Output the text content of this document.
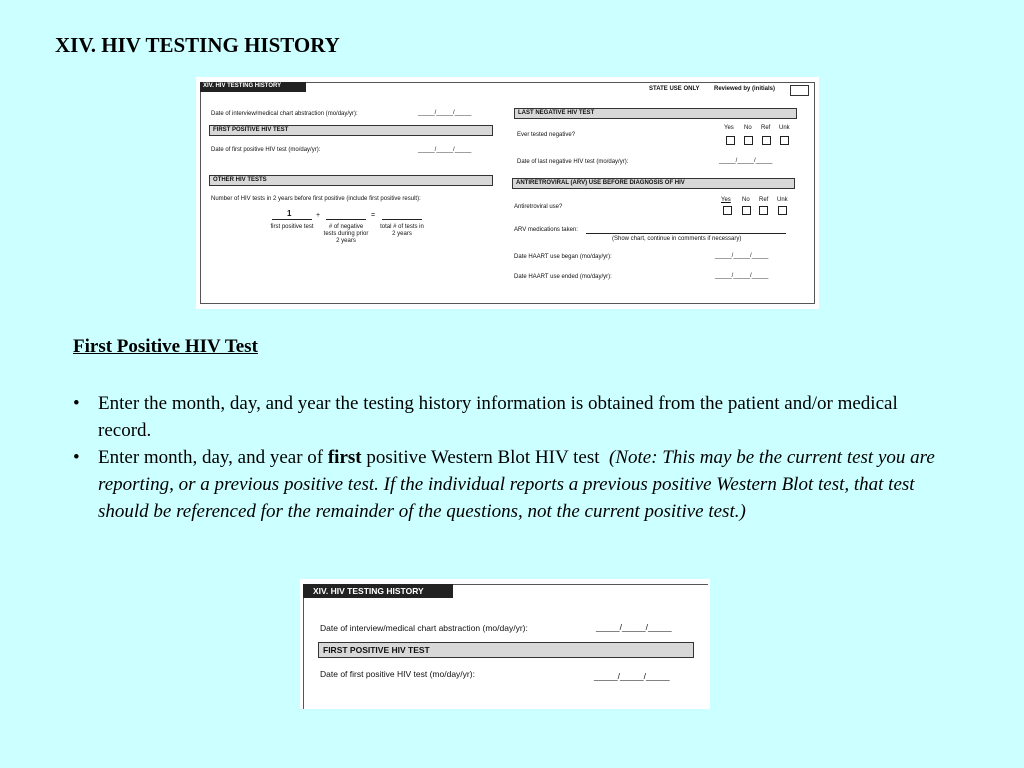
XIV. HIV TESTING HISTORY
XIV. HIV TESTING HISTORY	STATE USE ONLY Reviewed by (initials)
Date of interview/medical chart abstraction (mo/day/yr):	_____/_____/_____
FIRST POSITIVE HIV TEST
Date of first positive HIV test (mo/day/yr):	_____/_____/_____
OTHER HIV TESTS
Number of HIV tests in 2 years before first positive (include first positive result):
1	+	=
first positive test	# of negative tests during prior 2 years
total # of tests in 2 years
LAST NEGATIVE HIV TEST
Yes No Ref Unk
Ever tested negative?
Date of last negative HIV test (mo/day/yr):	_____/_____/_____
ANTIRETROVIRAL (ARV) USE BEFORE DIAGNOSIS OF HIV
Yes No Ref Unk
Antiretroviral use?
ARV medications taken:
(Show chart, continue in comments if necessary)
Date HAART use began (mo/day/yr):	_____/_____/_____
Date HAART use ended (mo/day/yr):	_____/_____/_____
First Positive HIV Test
• Enter the month, day, and year the testing history information is obtained from the patient and/or medical record.
• Enter month, day, and year of first positive Western Blot HIV test  (Note: This may be the current test you are reporting, or a previous positive test. If the individual reports a previous positive Western Blot test, that test should be referenced for the remainder of the questions, not the current positive test.)
XIV. HIV TESTING HISTORY
Date of interview/medical chart abstraction (mo/day/yr):	_____/_____/_____
FIRST POSITIVE HIV TEST
Date of first positive HIV test (mo/day/yr):	_____/_____/_____
